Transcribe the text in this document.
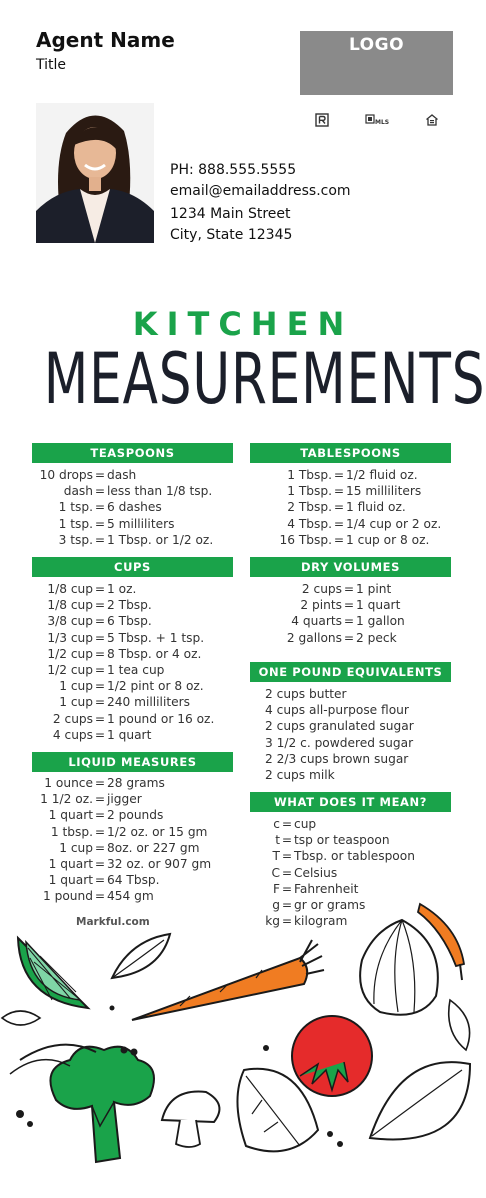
Agent Name
Title
LOGO
MLS
PH: 888.555.5555
email@emailaddress.com
1234 Main Street
City, State 12345
KITCHEN
MEASUREMENTS
TEASPOONS	TABLESPOONS
CUPS	DRY VOLUMES
ONE POUND EQUIVALENTS
LIQUID MEASURES
WHAT DOES IT MEAN?
10 drops = dash
dash = less than 1/8 tsp.
1 tsp. = 6 dashes
1 tsp. = 5 milliliters
3 tsp. = 1 Tbsp. or 1/2 oz.
1 Tbsp. = 1/2 fluid oz.
1 Tbsp. = 15 milliliters
2 Tbsp. = 1 fluid oz.
4 Tbsp. = 1/4 cup or 2 oz.
16 Tbsp. = 1 cup or 8 oz.
1/8 cup = 1 oz.
1/8 cup = 2 Tbsp.
3/8 cup = 6 Tbsp.
1/3 cup = 5 Tbsp. + 1 tsp.
1/2 cup = 8 Tbsp. or 4 oz.
1/2 cup = 1 tea cup
1 cup = 1/2 pint or 8 oz.
1 cup = 240 milliliters
2 cups = 1 pound or 16 oz.
4 cups = 1 quart
2 cups = 1 pint
2 pints = 1 quart
4 quarts = 1 gallon
2 gallons = 2 peck
1 ounce = 28 grams
1 1/2 oz. = jigger
1 quart = 2 pounds
1 tbsp. = 1/2 oz. or 15 gm
1 cup = 8oz. or 227 gm
1 quart = 32 oz. or 907 gm
1 quart = 64 Tbsp.
1 pound = 454 gm
c = cup
t = tsp or teaspoon
T = Tbsp. or tablespoon
C = Celsius
F = Fahrenheit
g = gr or grams
kg = kilogram
2 cups butter
4 cups all-purpose flour
2 cups granulated sugar
3 1/2 c. powdered sugar
2 2/3 cups brown sugar
2 cups milk
Markful.com
